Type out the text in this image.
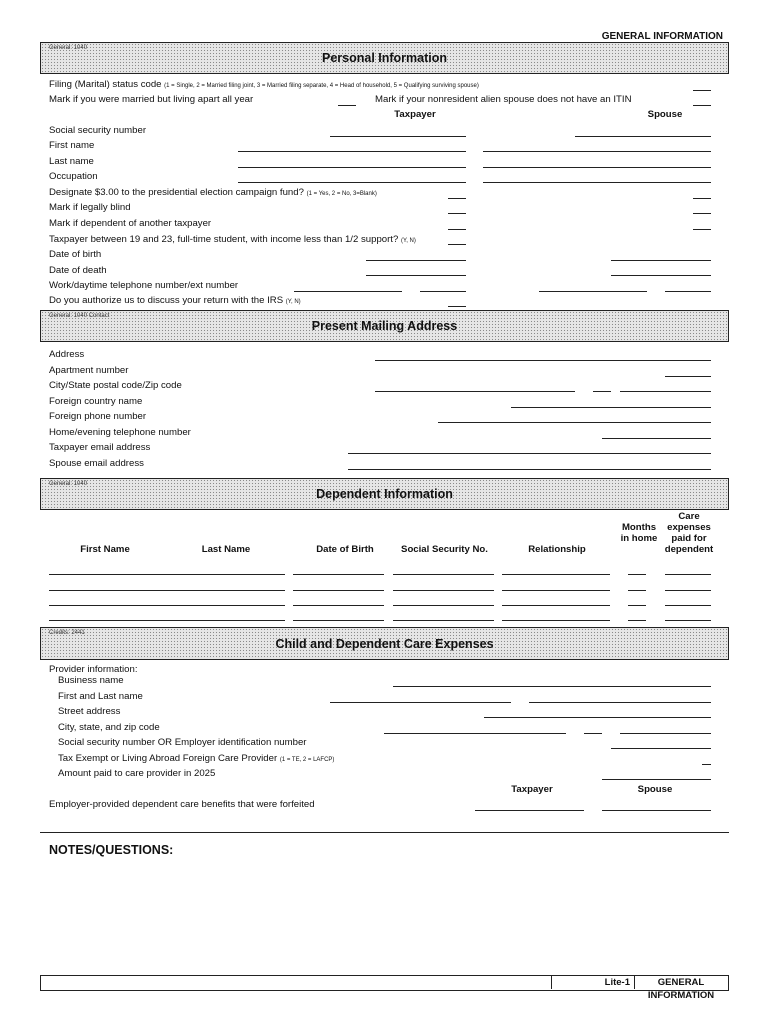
GENERAL INFORMATION
General: 1040
Personal Information
Filing (Marital) status code (1 = Single, 2 = Married filing joint, 3 = Married filing separate, 4 = Head of household, 5 = Qualifying surviving spouse)
Mark if you were married but living apart all year	Mark if your nonresident alien spouse does not have an ITIN
Taxpayer	Spouse
Social security number
First name
Last name
Occupation
Designate $3.00 to the presidential election campaign fund? (1 = Yes, 2 = No, 3=Blank)
Mark if legally blind
Mark if dependent of another taxpayer
Taxpayer between 19 and 23, full-time student, with income less than 1/2 support? (Y, N)
Date of birth
Date of death
Work/daytime telephone number/ext number
Do you authorize us to discuss your return with the IRS (Y, N)
General: 1040 Contact
Present Mailing Address
Address
Apartment number
City/State postal code/Zip code
Foreign country name
Foreign phone number
Home/evening telephone number
Taxpayer email address
Spouse email address
General: 1040
Dependent Information
First Name	Last Name	Date of Birth	Social Security No.	Relationship
Months in home
Care expenses paid for dependent
Credits: 2441
Child and Dependent Care Expenses
Provider information:
Business name
First and Last name
Street address
City, state, and zip code
Social security number OR Employer identification number
Tax Exempt or Living Abroad Foreign Care Provider (1 = TE, 2 = LAFCP)
Amount paid to care provider in 2025
Taxpayer	Spouse
Employer-provided dependent care benefits that were forfeited
NOTES/QUESTIONS:
Lite-1	GENERAL INFORMATION
